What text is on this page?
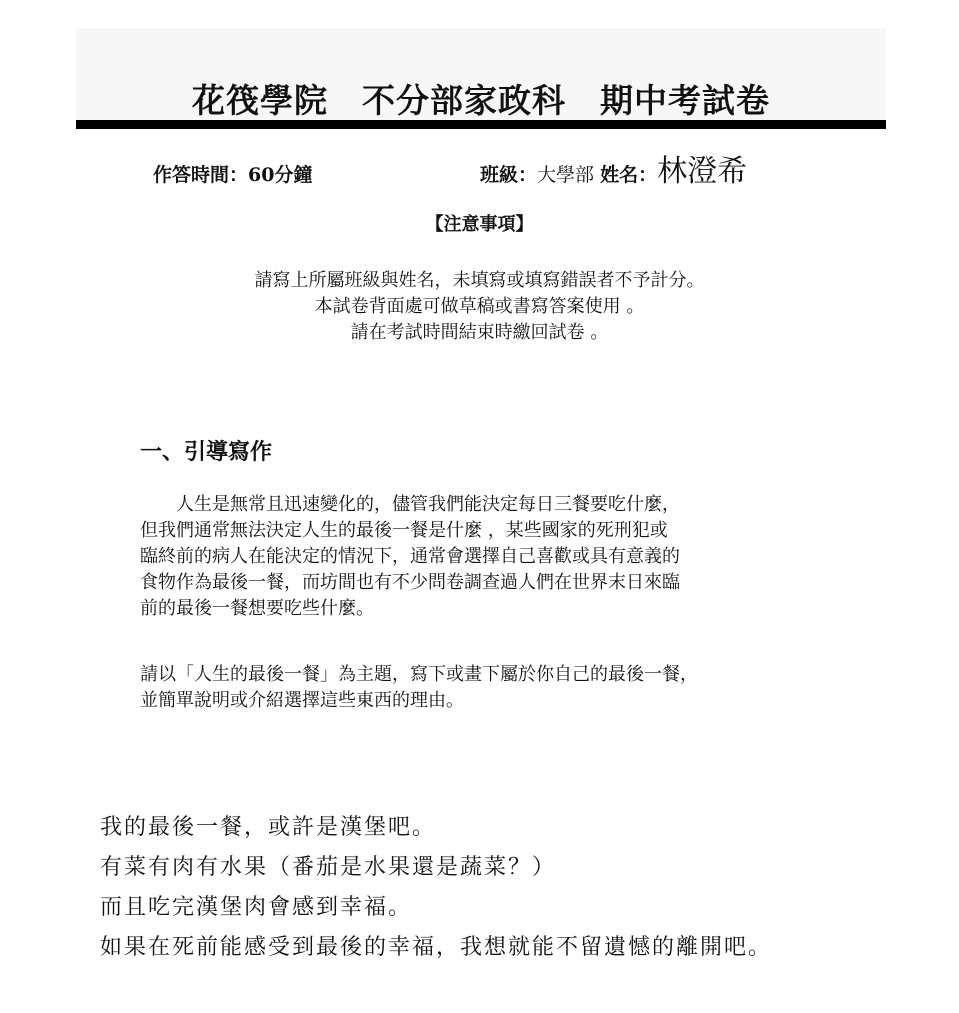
花筏學院　不分部家政科　期中考試卷
作答時間：60分鐘	班級：大學部 姓名：林澄希
【注意事項】
請寫上所屬班級與姓名，未填寫或填寫錯誤者不予計分。
本試卷背面處可做草稿或書寫答案使用 。
請在考試時間結束時繳回試卷 。
一、引導寫作
　　人生是無常且迅速變化的，儘管我們能決定每日三餐要吃什麼，
但我們通常無法決定人生的最後一餐是什麼 ，某些國家的死刑犯或
臨終前的病人在能決定的情況下，通常會選擇自己喜歡或具有意義的
食物作為最後一餐，而坊間也有不少問卷調查過人們在世界末日來臨
前的最後一餐想要吃些什麼。
請以「人生的最後一餐」為主題，寫下或畫下屬於你自己的最後一餐，
並簡單說明或介紹選擇這些東西的理由。
我的最後一餐，或許是漢堡吧。
有菜有肉有水果（番茄是水果還是蔬菜？）
而且吃完漢堡肉會感到幸福。
如果在死前能感受到最後的幸福，我想就能不留遺憾的離開吧。
